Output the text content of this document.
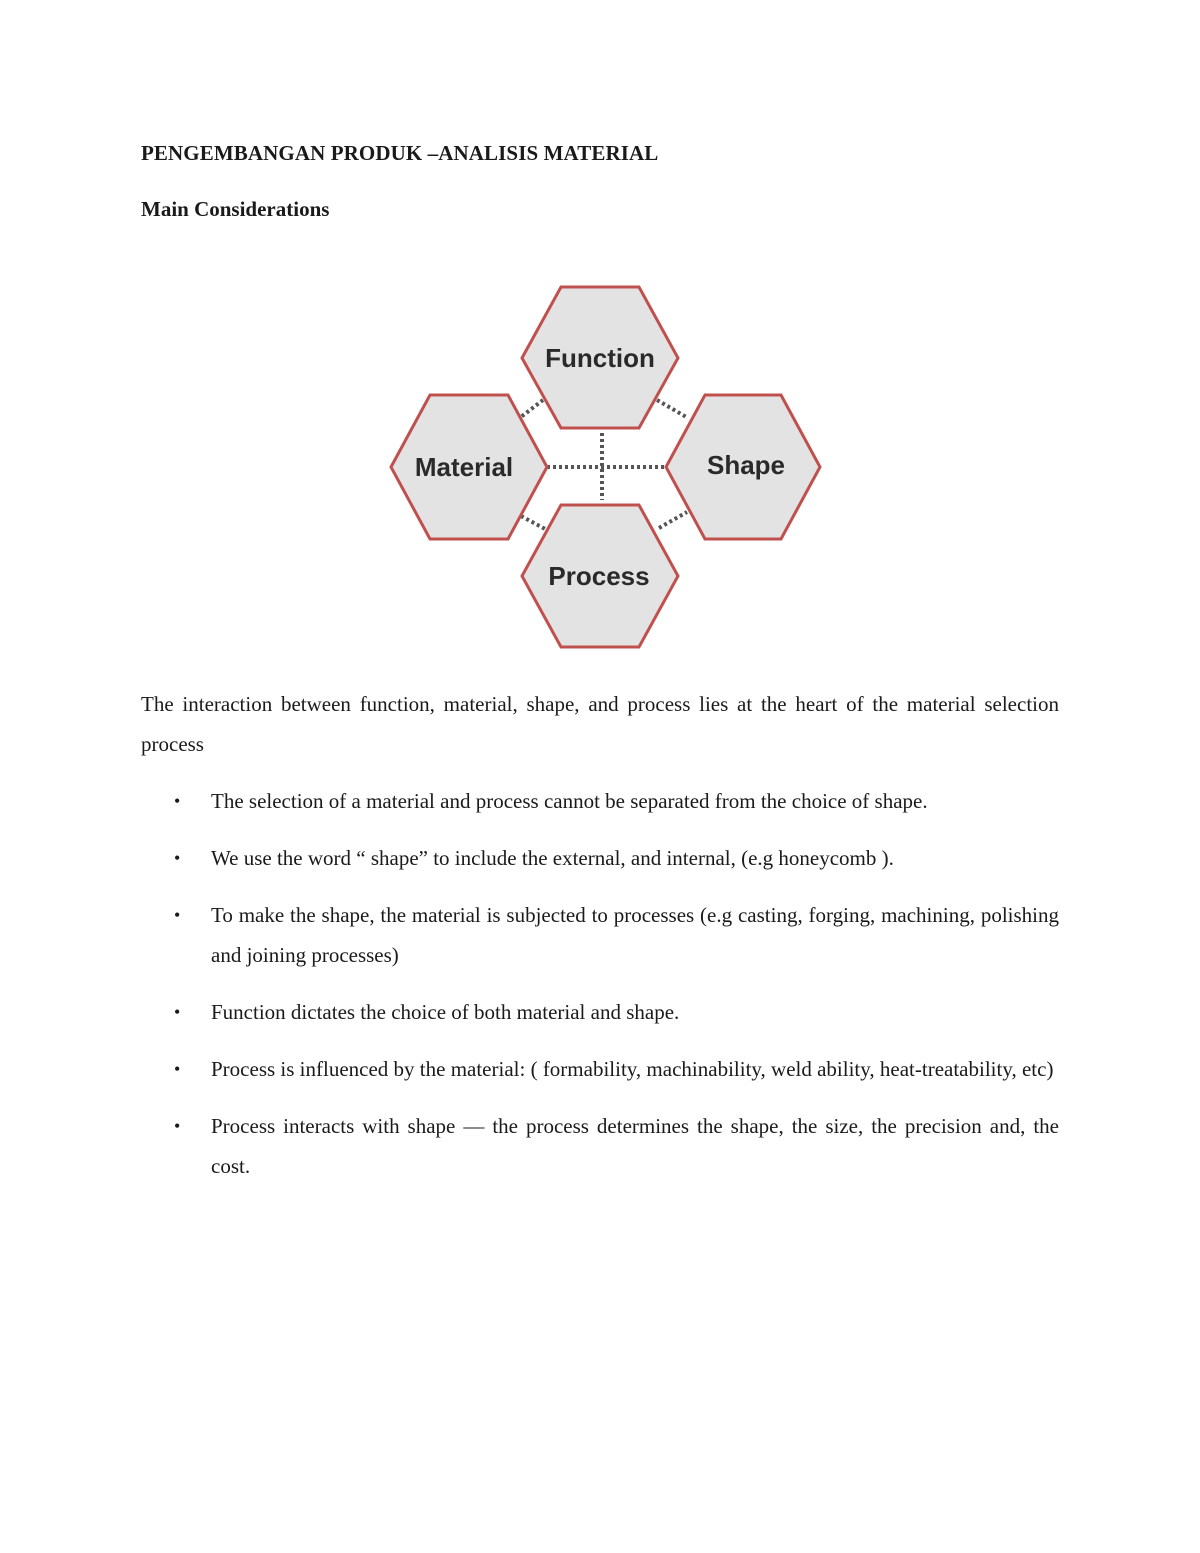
PENGEMBANGAN PRODUK –ANALISIS MATERIAL
Main Considerations
Function
Material	Shape
Process

The interaction between function, material, shape, and process lies at the heart of the material selection process

• The selection of a material and process cannot be separated from the choice of shape.
• We use the word “ shape” to include the external, and internal, (e.g honeycomb ).
• To make the shape, the material is subjected to processes (e.g casting, forging, machining, polishing and joining processes)
• Function dictates the choice of both material and shape.
• Process is influenced by the material: ( formability, machinability, weld ability, heat-treatability, etc)
• Process interacts with shape — the process determines the shape, the size, the precision and, the cost.
